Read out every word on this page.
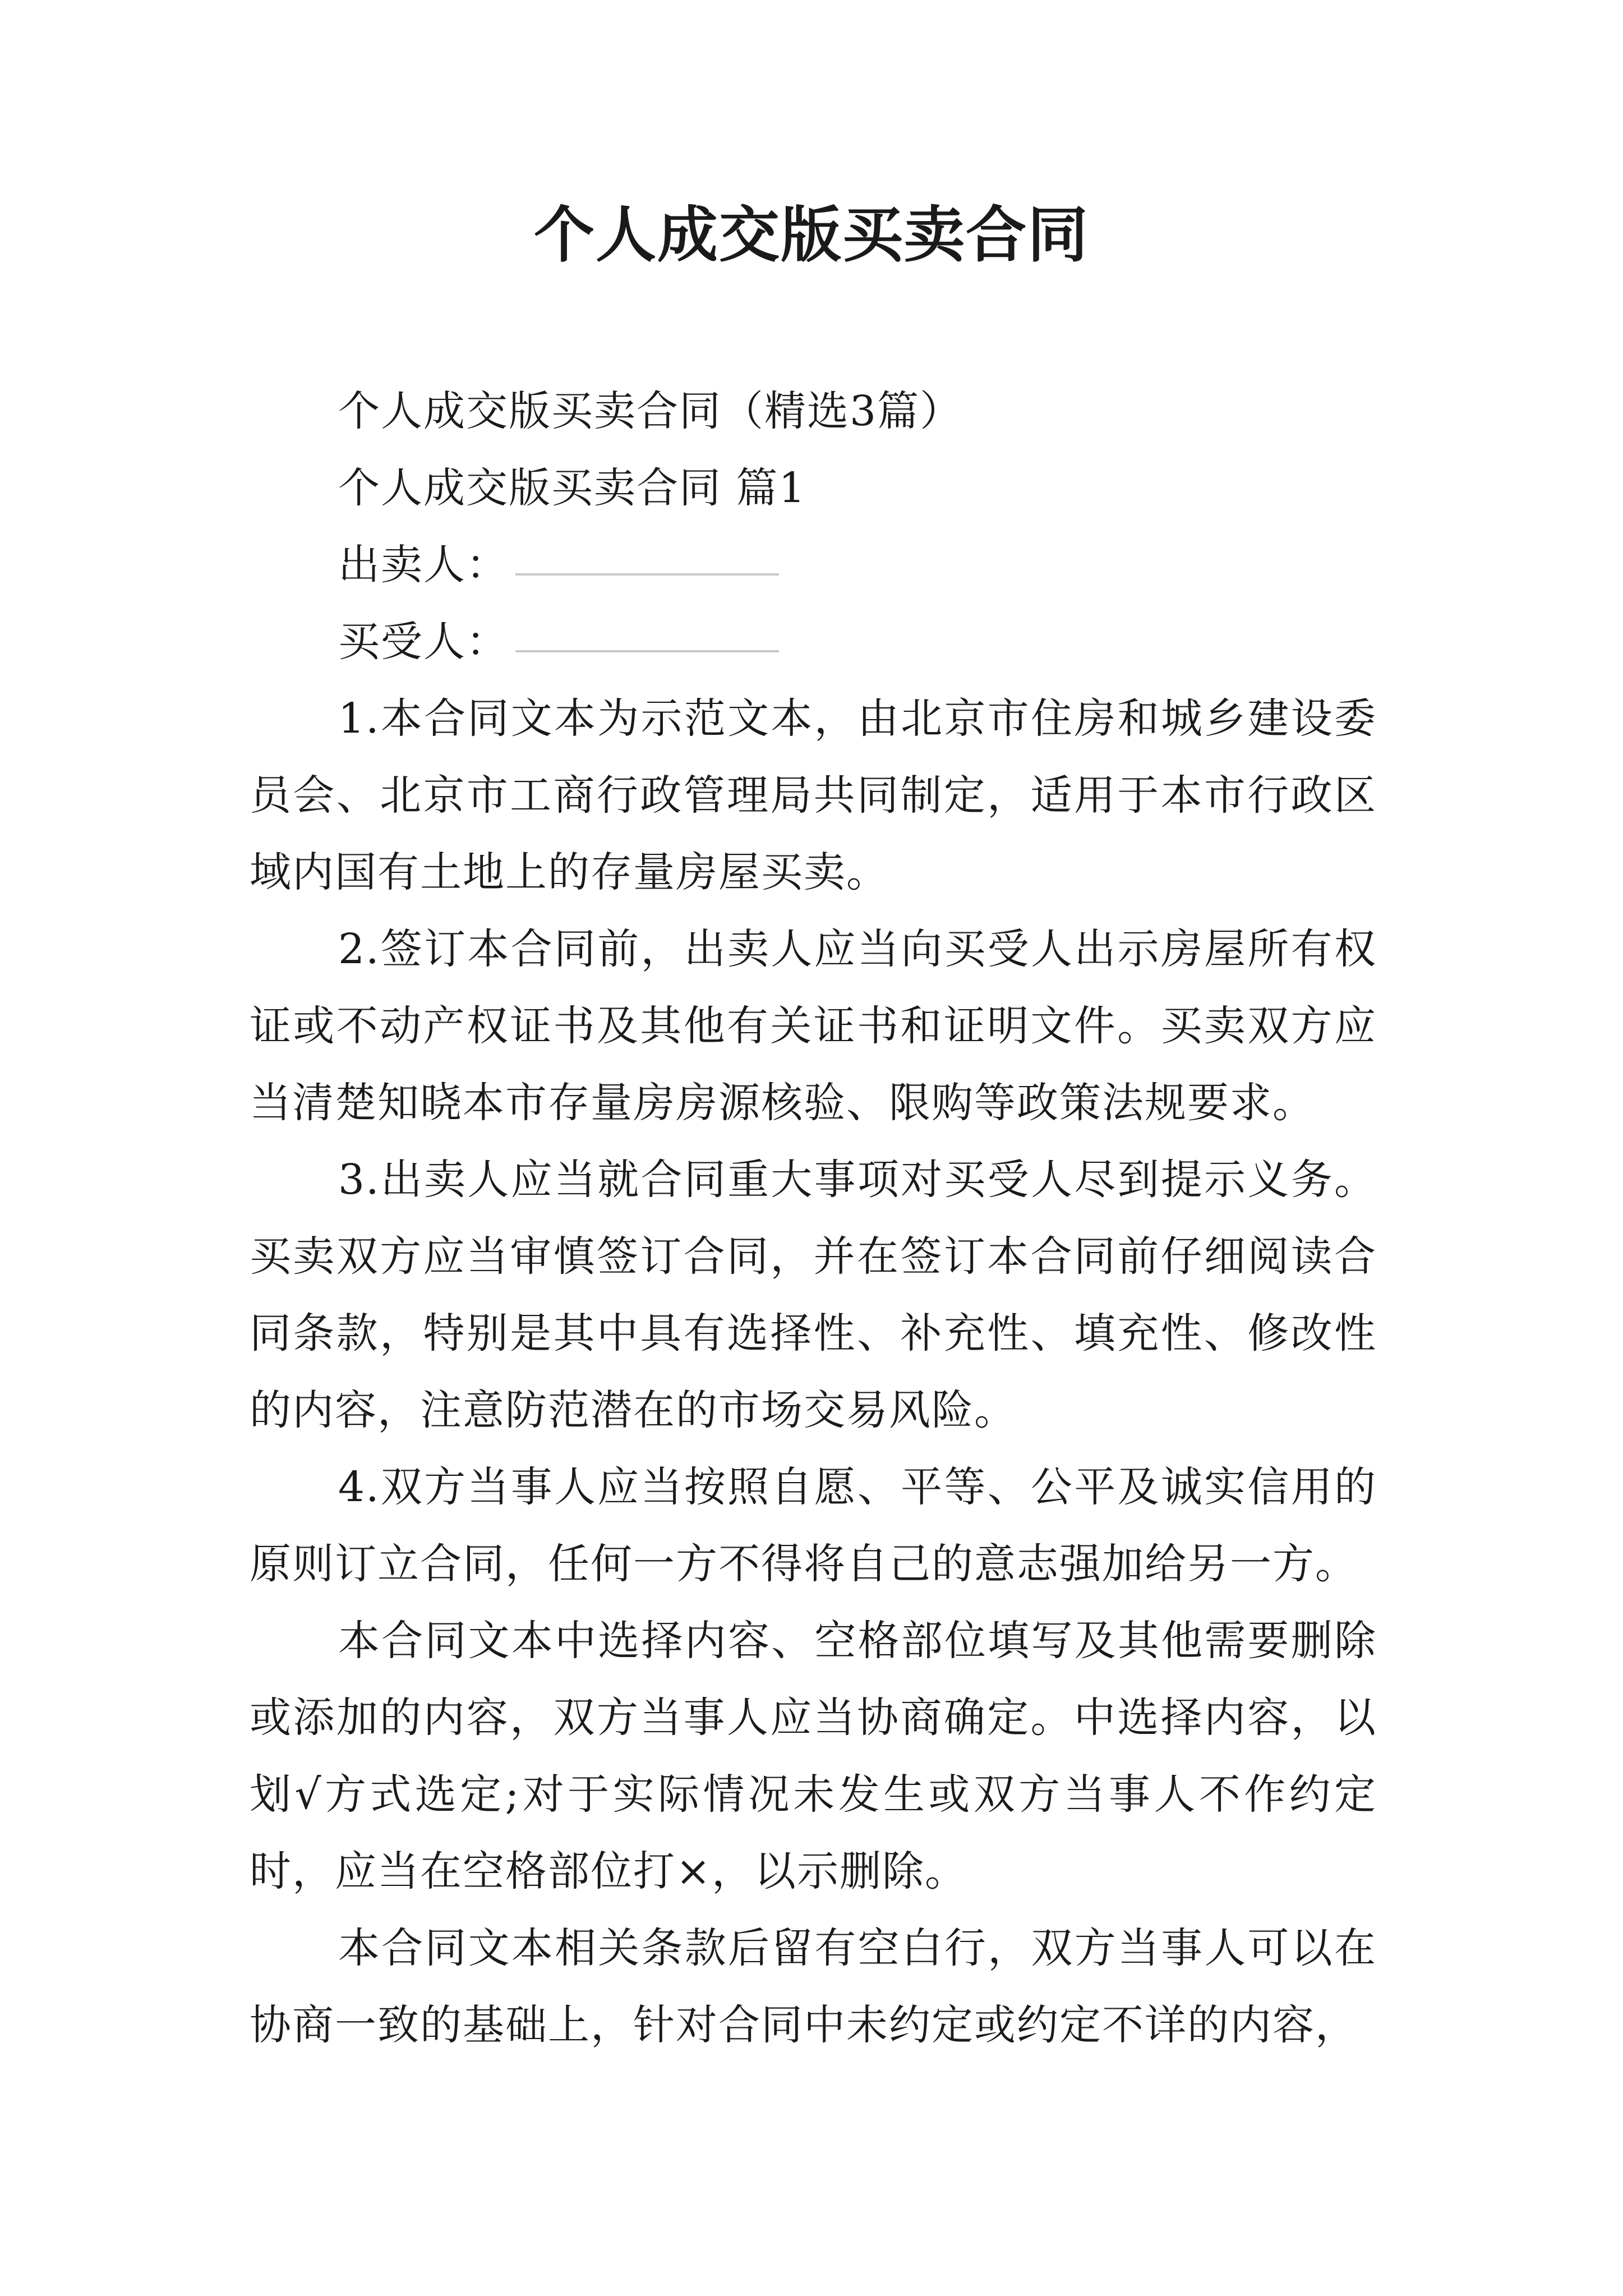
个人成交版买卖合同

个人成交版买卖合同（精选3篇）

个人成交版买卖合同 篇1

出卖人：

买受人：

1.本合同文本为示范文本，由北京市住房和城乡建设委员会、北京市工商行政管理局共同制定，适用于本市行政区域内国有土地上的存量房屋买卖。

2.签订本合同前，出卖人应当向买受人出示房屋所有权证或不动产权证书及其他有关证书和证明文件。买卖双方应当清楚知晓本市存量房房源核验、限购等政策法规要求。

3.出卖人应当就合同重大事项对买受人尽到提示义务。买卖双方应当审慎签订合同，并在签订本合同前仔细阅读合同条款，特别是其中具有选择性、补充性、填充性、修改性的内容，注意防范潜在的市场交易风险。

4.双方当事人应当按照自愿、平等、公平及诚实信用的原则订立合同，任何一方不得将自己的意志强加给另一方。

本合同文本中选择内容、空格部位填写及其他需要删除或添加的内容，双方当事人应当协商确定。中选择内容，以划√方式选定;对于实际情况未发生或双方当事人不作约定时，应当在空格部位打×，以示删除。

本合同文本相关条款后留有空白行，双方当事人可以在协商一致的基础上，针对合同中未约定或约定不详的内容，
